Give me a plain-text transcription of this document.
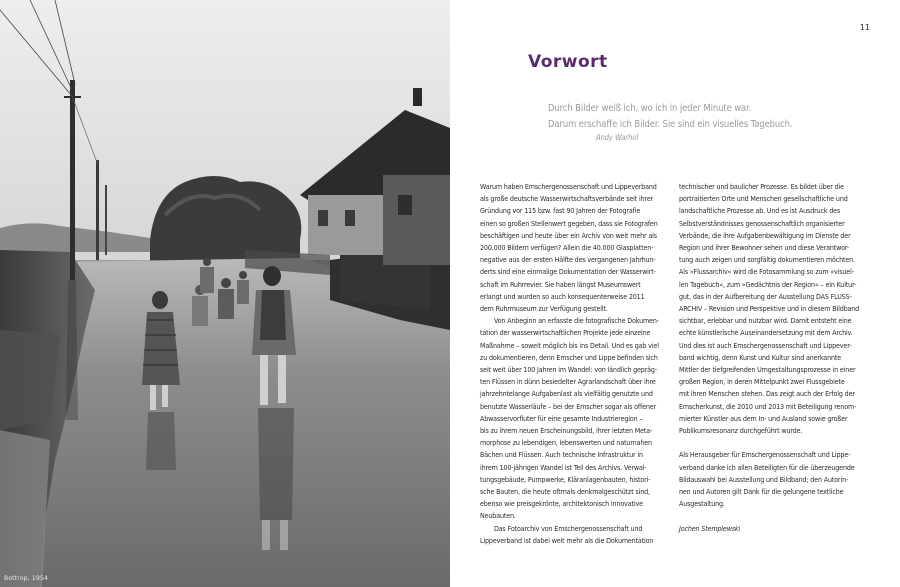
Bottrop, 1954
11
Vorwort

Durch Bilder weiß ich, wo ich in jeder Minute war.

Darum erschaffe ich Bilder. Sie sind ein visuelles Tagebuch.

Andy Warhol

Warum haben Emschergenossenschaft und Lippeverband
als große deutsche Wasserwirtschaftsverbände seit ihrer
Gründung vor 115 bzw. fast 90 Jahren der Fotografie
einen so großen Stellenwert gegeben, dass sie Fotografen
beschäftigen und heute über ein Archiv von weit mehr als
200.000 Bildern verfügen? Allein die 40.000 Glasplatten-
negative aus der ersten Hälfte des vergangenen Jahrhun-
derts sind eine einmalige Dokumentation der Wasserwirt-
schaft im Ruhrrevier. Sie haben längst Museumswert
erlangt und wurden so auch konsequenterweise 2011
dem Ruhrmuseum zur Verfügung gestellt.
Von Anbeginn an erfasste die fotografische Dokumen-
tation der wasserwirtschaftlichen Projekte jede einzelne
Maßnahme – soweit möglich bis ins Detail. Und es gab viel
zu dokumentieren, denn Emscher und Lippe befinden sich
seit weit über 100 Jahren im Wandel: von ländlich gepräg-
ten Flüssen in dünn besiedelter Agrarlandschaft über ihre
jahrzehntelange Aufgabenlast als vielfältig genutzte und
benutzte Wasserläufe – bei der Emscher sogar als offener
Abwasservorfluter für eine gesamte Industrieregion –
bis zu ihrem neuen Erscheinungsbild, ihrer letzten Meta-
morphose zu lebendigen, lebenswerten und naturnahen
Bächen und Flüssen. Auch technische Infrastruktur in
ihrem 100-jährigen Wandel ist Teil des Archivs. Verwal-
tungsgebäude, Pumpwerke, Kläranlagenbauten, histori-
sche Bauten, die heute oftmals denkmalgeschützt sind,
ebenso wie preisgekrönte, architektonisch innovative
Neubauten.
Das Fotoarchiv von Emschergenossenschaft und
Lippeverband ist dabei weit mehr als die Dokumentation
technischer und baulicher Prozesse. Es bildet über die
portraitierten Orte und Menschen gesellschaftliche und
landschaftliche Prozesse ab. Und es ist Ausdruck des
Selbstverständnisses genossenschaftlich organisierter
Verbände, die ihre Aufgabenbewältigung im Dienste der
Region und ihrer Bewohner sehen und diese Verantwor-
tung auch zeigen und sorgfältig dokumentieren möchten.
Als »Flussarchiv« wird die Fotosammlung so zum »visuel-
len Tagebuch«, zum »Gedächtnis der Region« – ein Kultur-
gut, das in der Aufbereitung der Ausstellung DAS FLUSS-
ARCHIV – Revision und Perspektive und in diesem Bildband
sichtbar, erlebbar und nutzbar wird. Damit entsteht eine
echte künstlerische Auseinandersetzung mit dem Archiv.
Und dies ist auch Emschergenossenschaft und Lippever-
band wichtig, denn Kunst und Kultur sind anerkannte
Mittler der tiefgreifenden Umgestaltungsprozesse in einer
großen Region, in deren Mittelpunkt zwei Flussgebiete
mit ihren Menschen stehen. Das zeigt auch der Erfolg der
Emscherkunst, die 2010 und 2013 mit Beteiligung renom-
mierter Künstler aus dem In- und Ausland sowie großer
Publikumsresonanz durchgeführt wurde.
Als Herausgeber für Emschergenossenschaft und Lippe-
verband danke ich allen Beteiligten für die überzeugende
Bildauswahl bei Ausstellung und Bildband; den Autorin-
nen und Autoren gilt Dank für die gelungene textliche
Ausgestaltung.
Jochen Stemplewski
